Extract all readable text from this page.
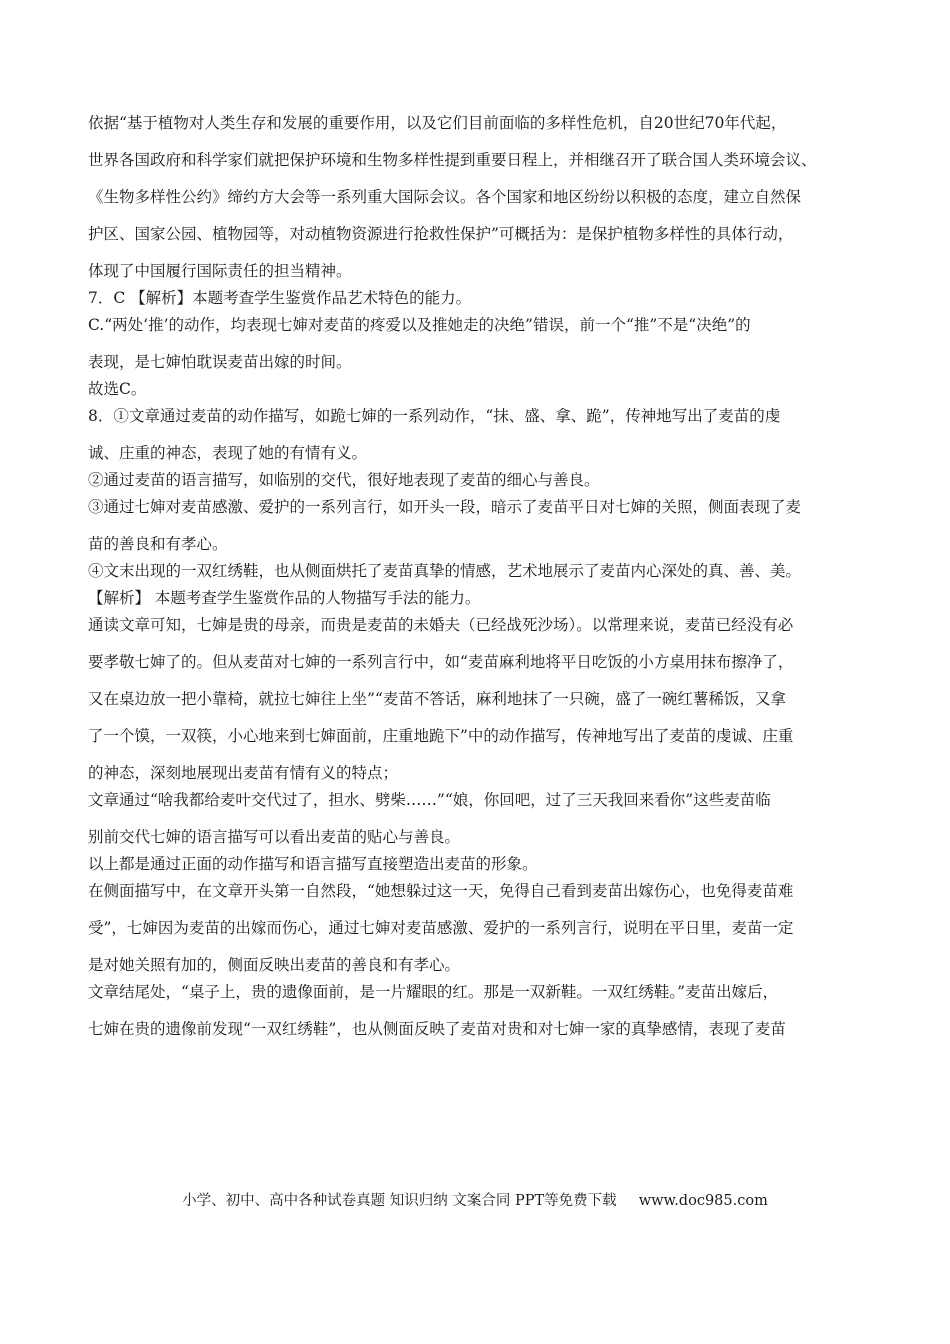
依据“基于植物对人类生存和发展的重要作用，以及它们目前面临的多样性危机，自20世纪70年代起，

世界各国政府和科学家们就把保护环境和生物多样性提到重要日程上，并相继召开了联合国人类环境会议、

《生物多样性公约》缔约方大会等一系列重大国际会议。各个国家和地区纷纷以积极的态度，建立自然保

护区、国家公园、植物园等，对动植物资源进行抢救性保护”可概括为：是保护植物多样性的具体行动，

体现了中国履行国际责任的担当精神。

7．C 【解析】本题考查学生鉴赏作品艺术特色的能力。

C.“两处‘推’的动作，均表现七婶对麦苗的疼爱以及推她走的决绝”错误，前一个“推”不是“决绝”的

表现，是七婶怕耽误麦苗出嫁的时间。

故选C。

8．①文章通过麦苗的动作描写，如跪七婶的一系列动作，“抹、盛、拿、跪”，传神地写出了麦苗的虔

诚、庄重的神态，表现了她的有情有义。

②通过麦苗的语言描写，如临别的交代，很好地表现了麦苗的细心与善良。

③通过七婶对麦苗感激、爱护的一系列言行，如开头一段，暗示了麦苗平日对七婶的关照，侧面表现了麦

苗的善良和有孝心。

④文末出现的一双红绣鞋，也从侧面烘托了麦苗真挚的情感，艺术地展示了麦苗内心深处的真、善、美。

【解析】 本题考查学生鉴赏作品的人物描写手法的能力。

通读文章可知，七婶是贵的母亲，而贵是麦苗的未婚夫（已经战死沙场）。以常理来说，麦苗已经没有必

要孝敬七婶了的。但从麦苗对七婶的一系列言行中，如“麦苗麻利地将平日吃饭的小方桌用抹布擦净了，

又在桌边放一把小靠椅，就拉七婶往上坐”“麦苗不答话，麻利地抹了一只碗，盛了一碗红薯稀饭，又拿

了一个馍，一双筷，小心地来到七婶面前，庄重地跪下”中的动作描写，传神地写出了麦苗的虔诚、庄重

的神态，深刻地展现出麦苗有情有义的特点；

文章通过“啥我都给麦叶交代过了，担水、劈柴……”“娘，你回吧，过了三天我回来看你”这些麦苗临

别前交代七婶的语言描写可以看出麦苗的贴心与善良。

以上都是通过正面的动作描写和语言描写直接塑造出麦苗的形象。

在侧面描写中，在文章开头第一自然段，“她想躲过这一天，免得自己看到麦苗出嫁伤心，也免得麦苗难

受”，七婶因为麦苗的出嫁而伤心，通过七婶对麦苗感激、爱护的一系列言行，说明在平日里，麦苗一定

是对她关照有加的，侧面反映出麦苗的善良和有孝心。

文章结尾处，“桌子上，贵的遗像面前，是一片耀眼的红。那是一双新鞋。一双红绣鞋。”麦苗出嫁后，

七婶在贵的遗像前发现“一双红绣鞋”，也从侧面反映了麦苗对贵和对七婶一家的真挚感情，表现了麦苗

小学、初中、高中各种试卷真题 知识归纳 文案合同 PPT等免费下载 www.doc985.com
